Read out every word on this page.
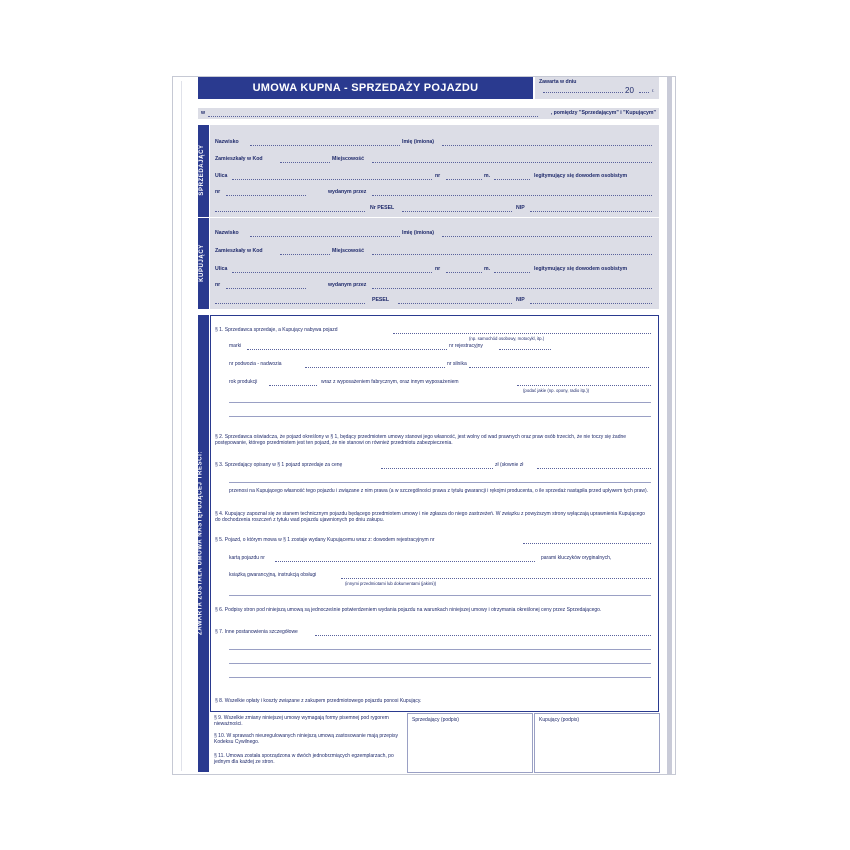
UMOWA KUPNA - SPRZEDAŻY POJAZDU	Zawarta w dniu
20	r.
w	, pomiędzy "Sprzedającym" i "Kupującym"
SPRZEDAJĄCY
Nazwisko	Imię (imiona)
Zamieszkały w Kod	Miejscowość
Ulica	nr	m.	legitymujący się dowodem osobistym
nr	wydanym przez
Nr PESEL	NIP
KUPUJĄCY
Nazwisko	Imię (imiona)
Zamieszkały w Kod	Miejscowość
Ulica	nr	m.	legitymujący się dowodem osobistym
nr	wydanym przez
PESEL	NIP
ZAWARTA ZOSTAŁA UMOWA NASTĘPUJĄCEJ TREŚCI:
§ 1. Sprzedawca sprzedaje, a Kupujący nabywa pojazd
(np. samochód osobowy, motocykl, itp.)
marki	nr rejestracyjny
nr podwozia - nadwozia	nr silnika
rok produkcji	wraz z wyposażeniem fabrycznym, oraz innym wyposażeniem
(podać jakie (np. opony, radio itp.))
§ 2. Sprzedawca oświadcza, że pojazd określony w § 1, będący przedmiotem umowy stanowi jego własność, jest wolny od wad prawnych oraz praw osób trzecich, że nie toczy się żadne postępowanie, którego przedmiotem jest ten pojazd, że nie stanowi on również przedmiotu zabezpieczenia.
§ 3. Sprzedający opisany w § 1 pojazd sprzedaje za cenę	zł (słownie zł
przenosi na Kupującego własność tego pojazdu i związane z nim prawa (a w szczególności prawa z tytułu gwarancji i rękojmi producenta, o ile sprzedaż nastąpiła przed upływem tych praw).
§ 4. Kupujący zapoznał się ze stanem technicznym pojazdu będącego przedmiotem umowy i nie zgłasza do niego zastrzeżeń. W związku z powyższym strony wyłączają uprawnienia Kupującego do dochodzenia roszczeń z tytułu wad pojazdu ujawnionych po dniu zakupu.
§ 5. Pojazd, o którym mowa w § 1 zostaje wydany Kupującemu wraz z: dowodem rejestracyjnym nr
kartą pojazdu nr	parami kluczyków oryginalnych,
książką gwarancyjną, instrukcją obsługi
(innymi przedmiotami lub dokumentami (jakimi))
§ 6. Podpisy stron pod niniejszą umową są jednocześnie potwierdzeniem wydania pojazdu na warunkach niniejszej umowy i otrzymania określonej ceny przez Sprzedającego.
§ 7. Inne postanowienia szczegółowe
§ 8. Wszelkie opłaty i koszty związane z zakupem przedmiotowego pojazdu ponosi Kupujący.
§ 9. Wszelkie zmiany niniejszej umowy wymagają formy pisemnej pod rygorem nieważności.
§ 10. W sprawach nieuregulowanych niniejszą umową zastosowanie mają przepisy Kodeksu Cywilnego.
§ 11. Umowa została sporządzona w dwóch jednobrzmiących egzemplarzach, po jednym dla każdej ze stron.
Sprzedający (podpis)	Kupujący (podpis)
